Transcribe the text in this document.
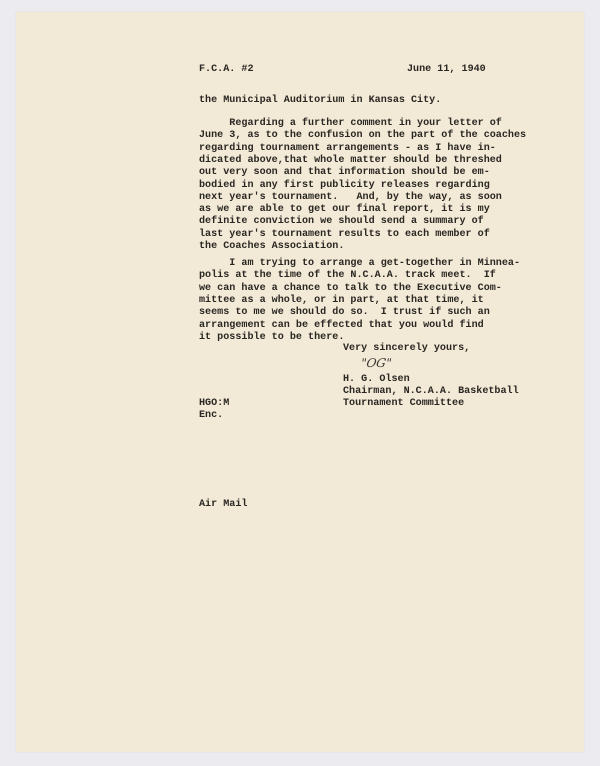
F.C.A. #2	June 11, 1940
the Municipal Auditorium in Kansas City.
Regarding a further comment in your letter of
June 3, as to the confusion on the part of the coaches
regarding tournament arrangements - as I have in-
dicated above,that whole matter should be threshed
out very soon and that information should be em-
bodied in any first publicity releases regarding
next year's tournament.   And, by the way, as soon
as we are able to get our final report, it is my
definite conviction we should send a summary of
last year's tournament results to each member of
the Coaches Association.
I am trying to arrange a get-together in Minnea-
polis at the time of the N.C.A.A. track meet.  If
we can have a chance to talk to the Executive Com-
mittee as a whole, or in part, at that time, it
seems to me we should do so.  I trust if such an
arrangement can be effected that you would find
it possible to be there.
Very sincerely yours,
"OG"
H. G. Olsen
Chairman, N.C.A.A. Basketball
Tournament Committee
HGO:M
Enc.
Air Mail
